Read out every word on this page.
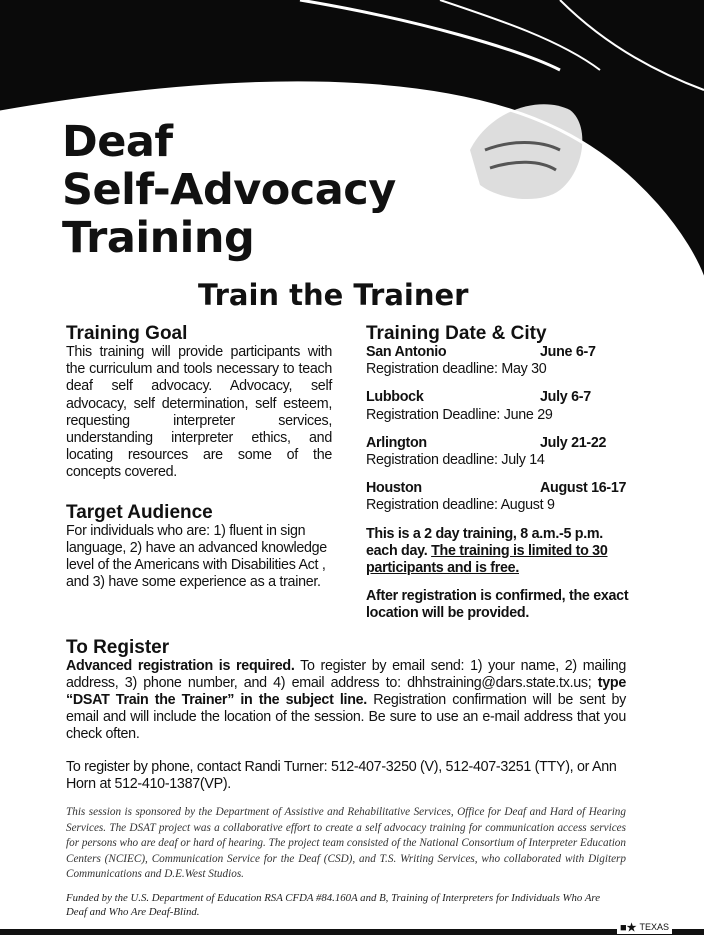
Deaf
Self-Advocacy
Training
Train the Trainer
Training Goal

This training will provide participants with the curriculum and tools necessary to teach deaf self advocacy. Advocacy, self advocacy, self determination, self esteem, requesting interpreter services, understanding interpreter ethics, and locating resources are some of the concepts covered.

Target Audience

For individuals who are: 1) fluent in sign language, 2) have an advanced knowledge level of the Americans with Disabilities Act , and 3) have some experience as a trainer.

Training Date & City
San Antonio	June 6-7
Registration deadline: May 30
Lubbock	July 6-7
Registration Deadline: June 29
Arlington	July 21-22
Registration deadline: July 14
Houston	August 16-17
Registration deadline: August 9

This is a 2 day training, 8 a.m.-5 p.m. each day. The training is limited to 30 participants and is free.

After registration is confirmed, the exact location will be provided.

To Register

Advanced registration is required. To register by email send: 1) your name, 2) mailing address, 3) phone number, and 4) email address to: dhhstraining@dars.state.tx.us; type “DSAT Train the Trainer” in the subject line. Registration confirmation will be sent by email and will include the location of the session. Be sure to use an e-mail address that you check often.

To register by phone, contact Randi Turner: 512-407-3250 (V), 512-407-3251 (TTY), or Ann Horn at 512-410-1387(VP).

This session is sponsored by the Department of Assistive and Rehabilitative Services, Office for Deaf and Hard of Hearing Services. The DSAT project was a collaborative effort to create a self advocacy training for communication access services for persons who are deaf or hard of hearing. The project team consisted of the National Consortium of Interpreter Education Centers (NCIEC), Communication Service for the Deaf (CSD), and T.S. Writing Services, who collaborated with Digiterp Communications and D.E.West Studios.

Funded by the U.S. Department of Education RSA CFDA #84.160A and B, Training of Interpreters for Individuals Who Are Deaf and Who Are Deaf-Blind.

■★ TEXAS
